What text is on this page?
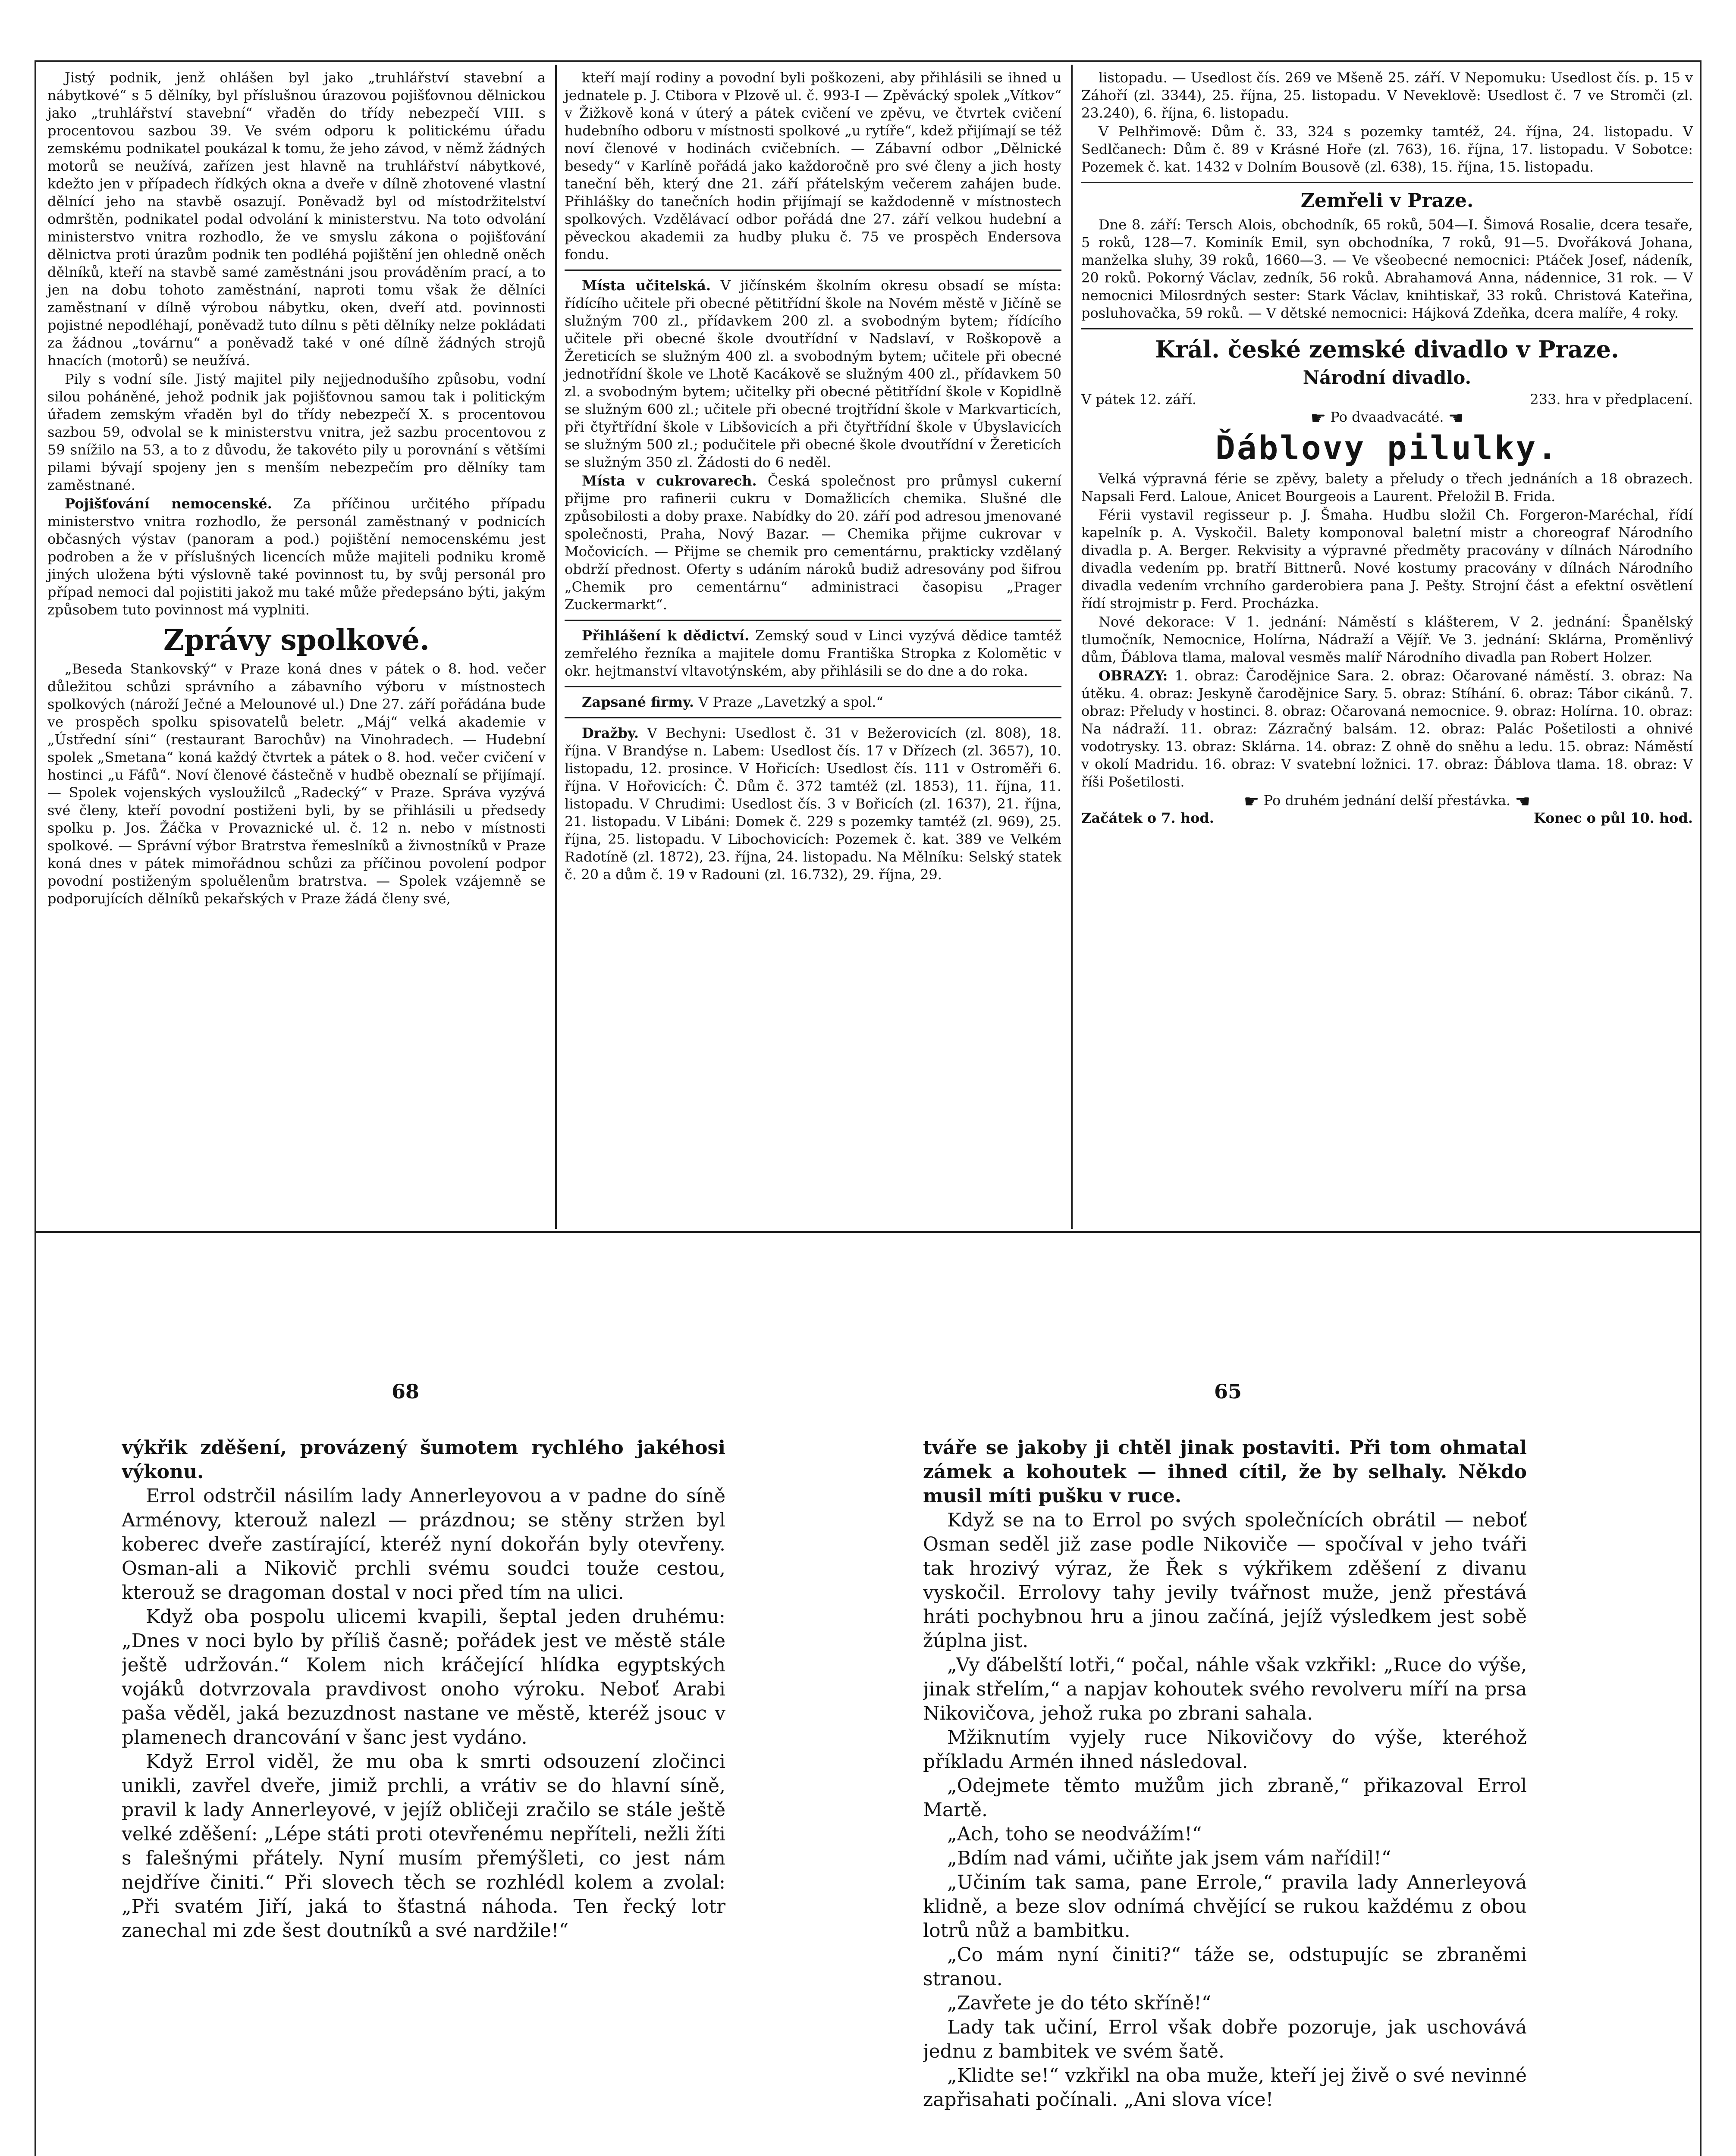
Jistý podnik, jenž ohlášen byl jako „truhlářství stavební a nábytkové“ s 5 dělníky, byl příslušnou úrazovou pojišťovnou dělnickou jako „truhlářství stavební“ vřaděn do třídy nebezpečí VIII. s procentovou sazbou 39. Ve svém odporu k politickému úřadu zemskému podnikatel poukázal k tomu, že jeho závod, v němž žádných motorů se neužívá, zařízen jest hlavně na truhlářství nábytkové, kdežto jen v případech řídkých okna a dveře v dílně zhotovené vlastní dělnící jeho na stavbě osazují. Poněvadž byl od místodržitelství odmrštěn, podnikatel podal odvolání k ministerstvu. Na toto odvolání ministerstvo vnitra rozhodlo, že ve smyslu zákona o pojišťování dělnictva proti úrazům podnik ten podléhá pojištění jen ohledně oněch dělníků, kteří na stavbě samé zaměstnáni jsou prováděním prací, a to jen na dobu tohoto zaměstnání, naproti tomu však že dělníci zaměstnaní v dílně výrobou nábytku, oken, dveří atd. povinnosti pojistné nepodléhají, poněvadž tuto dílnu s pěti dělníky nelze pokládati za žádnou „továrnu“ a poněvadž také v oné dílně žádných strojů hnacích (motorů) se neužívá.

Pily s vodní síle. Jistý majitel pily nejjednodušího způsobu, vodní silou poháněné, jehož podnik jak pojišťovnou samou tak i politickým úřadem zemským vřaděn byl do třídy nebezpečí X. s procentovou sazbou 59, odvolal se k ministerstvu vnitra, jež sazbu procentovou z 59 snížilo na 53, a to z důvodu, že takovéto pily u porovnání s většími pilami bývají spojeny jen s menším nebezpečím pro dělníky tam zaměstnané.

Pojišťování nemocenské. Za příčinou určitého případu ministerstvo vnitra rozhodlo, že personál zaměstnaný v podnicích občasných výstav (panoram a pod.) pojištění nemocenskému jest podroben a že v příslušných licencích může majiteli podniku kromě jiných uložena býti výslovně také povinnost tu, by svůj personál pro případ nemoci dal pojistiti jakož mu také může předepsáno býti, jakým způsobem tuto povinnost má vyplniti.

Zprávy spolkové.

„Beseda Stankovský“ v Praze koná dnes v pátek o 8. hod. večer důležitou schůzi správního a zábavního výboru v místnostech spolkových (nároží Ječné a Melounové ul.) Dne 27. září pořádána bude ve prospěch spolku spisovatelů beletr. „Máj“ velká akademie v „Ústřední síni“ (restaurant Barochův) na Vinohradech. — Hudební spolek „Smetana“ koná každý čtvrtek a pátek o 8. hod. večer cvičení v hostinci „u Fáfů“. Noví členové částečně v hudbě obeznalí se přijímají. — Spolek vojenských vysloužilců „Radecký“ v Praze. Správa vyzývá své členy, kteří povodní postiženi byli, by se přihlásili u předsedy spolku p. Jos. Žáčka v Provaznické ul. č. 12 n. nebo v místnosti spolkové. — Správní výbor Bratrstva řemeslníků a živnostníků v Praze koná dnes v pátek mimořádnou schůzi za příčinou povolení podpor povodní postiženým spoluělenům bratrstva. — Spolek vzájemně se podporujících dělníků pekařských v Praze žádá členy své,

kteří mají rodiny a povodní byli poškozeni, aby přihlásili se ihned u jednatele p. J. Ctibora v Plzově ul. č. 993-I — Zpěvácký spolek „Vítkov“ v Žižkově koná v úterý a pátek cvičení ve zpěvu, ve čtvrtek cvičení hudebního odboru v místnosti spolkové „u rytíře“, kdež přijímají se též noví členové v hodinách cvičebních. — Zábavní odbor „Dělnické besedy“ v Karlíně pořádá jako každoročně pro své členy a jich hosty taneční běh, který dne 21. září přátelským večerem zahájen bude. Přihlášky do tanečních hodin přijímají se každodenně v místnostech spolkových. Vzdělávací odbor pořádá dne 27. září velkou hudební a pěveckou akademii za hudby pluku č. 75 ve prospěch Endersova fondu.

Místa učitelská. V jičínském školním okresu obsadí se místa: řídícího učitele při obecné pětitřídní škole na Novém městě v Jičíně se služným 700 zl., přídavkem 200 zl. a svobodným bytem; řídícího učitele při obecné škole dvoutřídní v Nadslaví, v Roškopově a Žereticích se služným 400 zl. a svobodným bytem; učitele při obecné jednotřídní škole ve Lhotě Kacákově se služným 400 zl., přídavkem 50 zl. a svobodným bytem; učitelky při obecné pětitřídní škole v Kopidlně se služným 600 zl.; učitele při obecné trojtřídní škole v Markvarticích, při čtyřtřídní škole v Libšovicích a při čtyřtřídní škole v Úbyslavicích se služným 500 zl.; podučitele při obecné škole dvoutřídní v Žereticích se služným 350 zl. Žádosti do 6 neděl.

Místa v cukrovarech. Česká společnost pro průmysl cukerní přijme pro rafinerii cukru v Domažlicích chemika. Slušné dle způsobilosti a doby praxe. Nabídky do 20. září pod adresou jmenované společnosti, Praha, Nový Bazar. — Chemika přijme cukrovar v Močovicích. — Přijme se chemik pro cementárnu, prakticky vzdělaný obdrží přednost. Oferty s udáním nároků budiž adresovány pod šifrou „Chemik pro cementárnu“ administraci časopisu „Prager Zuckermarkt“.

Přihlášení k dědictví. Zemský soud v Linci vyzývá dědice tamtéž zemřelého řezníka a majitele domu Františka Stropka z Kolomětic v okr. hejtmanství vltavotýnském, aby přihlásili se do dne a do roka.

Zapsané firmy. V Praze „Lavetzký a spol.“

Dražby. V Bechyni: Usedlost č. 31 v Bežerovicích (zl. 808), 18. října. V Brandýse n. Labem: Usedlost čís. 17 v Dřízech (zl. 3657), 10. listopadu, 12. prosince. V Hořicích: Usedlost čís. 111 v Ostroměři 6. října. V Hořovicích: Č. Dům č. 372 tamtéž (zl. 1853), 11. října, 11. listopadu. V Chrudimi: Usedlost čís. 3 v Bořicích (zl. 1637), 21. října, 21. listopadu. V Libáni: Domek č. 229 s pozemky tamtéž (zl. 969), 25. října, 25. listopadu. V Libochovicích: Pozemek č. kat. 389 ve Velkém Radotíně (zl. 1872), 23. října, 24. listopadu. Na Mělníku: Selský statek č. 20 a dům č. 19 v Radouni (zl. 16.732), 29. října, 29.

listopadu. — Usedlost čís. 269 ve Mšeně 25. září. V Nepomuku: Usedlost čís. p. 15 v Záhoří (zl. 3344), 25. října, 25. listopadu. V Neveklově: Usedlost č. 7 ve Stromči (zl. 23.240), 6. října, 6. listopadu.

V Pelhřimově: Dům č. 33, 324 s pozemky tamtéž, 24. října, 24. listopadu. V Sedlčanech: Dům č. 89 v Krásné Hoře (zl. 763), 16. října, 17. listopadu. V Sobotce: Pozemek č. kat. 1432 v Dolním Bousově (zl. 638), 15. října, 15. listopadu.

Zemřeli v Praze.

Dne 8. září: Tersch Alois, obchodník, 65 roků, 504—I. Šimová Rosalie, dcera tesaře, 5 roků, 128—7. Kominík Emil, syn obchodníka, 7 roků, 91—5. Dvořáková Johana, manželka sluhy, 39 roků, 1660—3. — Ve všeobecné nemocnici: Ptáček Josef, nádeník, 20 roků. Pokorný Václav, zedník, 56 roků. Abrahamová Anna, nádennice, 31 rok. — V nemocnici Milosrdných sester: Stark Václav, knihtiskař, 33 roků. Christová Kateřina, posluhovačka, 59 roků. — V dětské nemocnici: Hájková Zdeňka, dcera malíře, 4 roky.

Král. české zemské divadlo v Praze.
Národní divadlo.
V pátek 12. září.	233. hra v předplacení.
☛ Po dvaadvacáté. ☚
Ďáblovy pilulky.

Velká výpravná férie se zpěvy, balety a přeludy o třech jednáních a 18 obrazech. Napsali Ferd. Laloue, Anicet Bourgeois a Laurent. Přeložil B. Frida.

Férii vystavil regisseur p. J. Šmaha. Hudbu složil Ch. Forgeron-Maréchal, řídí kapelník p. A. Vyskočil. Balety komponoval baletní mistr a choreograf Národního divadla p. A. Berger. Rekvisity a výpravné předměty pracovány v dílnách Národního divadla vedením pp. bratří Bittnerů. Nové kostumy pracovány v dílnách Národního divadla vedením vrchního garderobiera pana J. Pešty. Strojní část a efektní osvětlení řídí strojmistr p. Ferd. Procházka.

Nové dekorace: V 1. jednání: Náměstí s klášterem, V 2. jednání: Španělský tlumočník, Nemocnice, Holírna, Nádraží a Vějíř. Ve 3. jednání: Sklárna, Proměnlivý dům, Ďáblova tlama, maloval vesměs malíř Národního divadla pan Robert Holzer.

OBRAZY: 1. obraz: Čarodějnice Sara. 2. obraz: Očarované náměstí. 3. obraz: Na útěku. 4. obraz: Jeskyně čarodějnice Sary. 5. obraz: Stíhání. 6. obraz: Tábor cikánů. 7. obraz: Přeludy v hostinci. 8. obraz: Očarovaná nemocnice. 9. obraz: Holírna. 10. obraz: Na nádraží. 11. obraz: Zázračný balsám. 12. obraz: Palác Pošetilosti a ohnivé vodotrysky. 13. obraz: Sklárna. 14. obraz: Z ohně do sněhu a ledu. 15. obraz: Náměstí v okolí Madridu. 16. obraz: V svatební ložnici. 17. obraz: Ďáblova tlama. 18. obraz: V říši Pošetilosti.

☛ Po druhém jednání delší přestávka. ☚
Začátek o 7. hod.	Konec o půl 10. hod.
68	65

výkřik zděšení, provázený šumotem rychlého jakéhosi výkonu.

Errol odstrčil násilím lady Annerleyovou a v padne do síně Arménovy, kterouž nalezl — prázdnou; se stěny stržen byl koberec dveře zastírající, kteréž nyní dokořán byly otevřeny. Osman-ali a Nikovič prchli svému soudci touže cestou, kterouž se dragoman dostal v noci před tím na ulici.

Když oba pospolu ulicemi kvapili, šeptal jeden druhému: „Dnes v noci bylo by příliš časně; pořádek jest ve městě stále ještě udržován.“ Kolem nich kráčející hlídka egyptských vojáků dotvrzovala pravdivost onoho výroku. Neboť Arabi paša věděl, jaká bezuzdnost nastane ve městě, kteréž jsouc v plamenech drancování v šanc jest vydáno.

Když Errol viděl, že mu oba k smrti odsouzení zločinci unikli, zavřel dveře, jimiž prchli, a vrátiv se do hlavní síně, pravil k lady Annerleyové, v jejíž obličeji zračilo se stále ještě velké zděšení: „Lépe státi proti otevřenému nepříteli, nežli žíti s falešnými přátely. Nyní musím přemýšleti, co jest nám nejdříve činiti.“ Při slovech těch se rozhlédl kolem a zvolal: „Při svatém Jiří, jaká to šťastná náhoda. Ten řecký lotr zanechal mi zde šest doutníků a své nardžile!“

tváře se jakoby ji chtěl jinak postaviti. Při tom ohmatal zámek a kohoutek — ihned cítil, že by selhaly. Někdo musil míti pušku v ruce.

Když se na to Errol po svých společnících obrátil — neboť Osman seděl již zase podle Nikoviče — spočíval v jeho tváři tak hrozivý výraz, že Řek s výkřikem zděšení z divanu vyskočil. Errolovy tahy jevily tvářnost muže, jenž přestává hráti pochybnou hru a jinou začíná, jejíž výsledkem jest sobě žúplna jist.

„Vy ďábelští lotři,“ počal, náhle však vzkřikl: „Ruce do výše, jinak střelím,“ a napjav kohoutek svého revolveru míří na prsa Nikovičova, jehož ruka po zbrani sahala.

Mžiknutím vyjely ruce Nikovičovy do výše, kteréhož příkladu Armén ihned následoval.

„Odejmete těmto mužům jich zbraně,“ přikazoval Errol Martě.

„Ach, toho se neodvážím!“

„Bdím nad vámi, učiňte jak jsem vám nařídil!“

„Učiním tak sama, pane Errole,“ pravila lady Annerleyová klidně, a beze slov odnímá chvějící se rukou každému z obou lotrů nůž a bambitku.

„Co mám nyní činiti?“ táže se, odstupujíc se zbraněmi stranou.

„Zavřete je do této skříně!“

Lady tak učiní, Errol však dobře pozoruje, jak uschovává jednu z bambitek ve svém šatě.

„Klidte se!“ vzkřikl na oba muže, kteří jej živě o své nevinné zapřisahati počínali. „Ani slova více!
